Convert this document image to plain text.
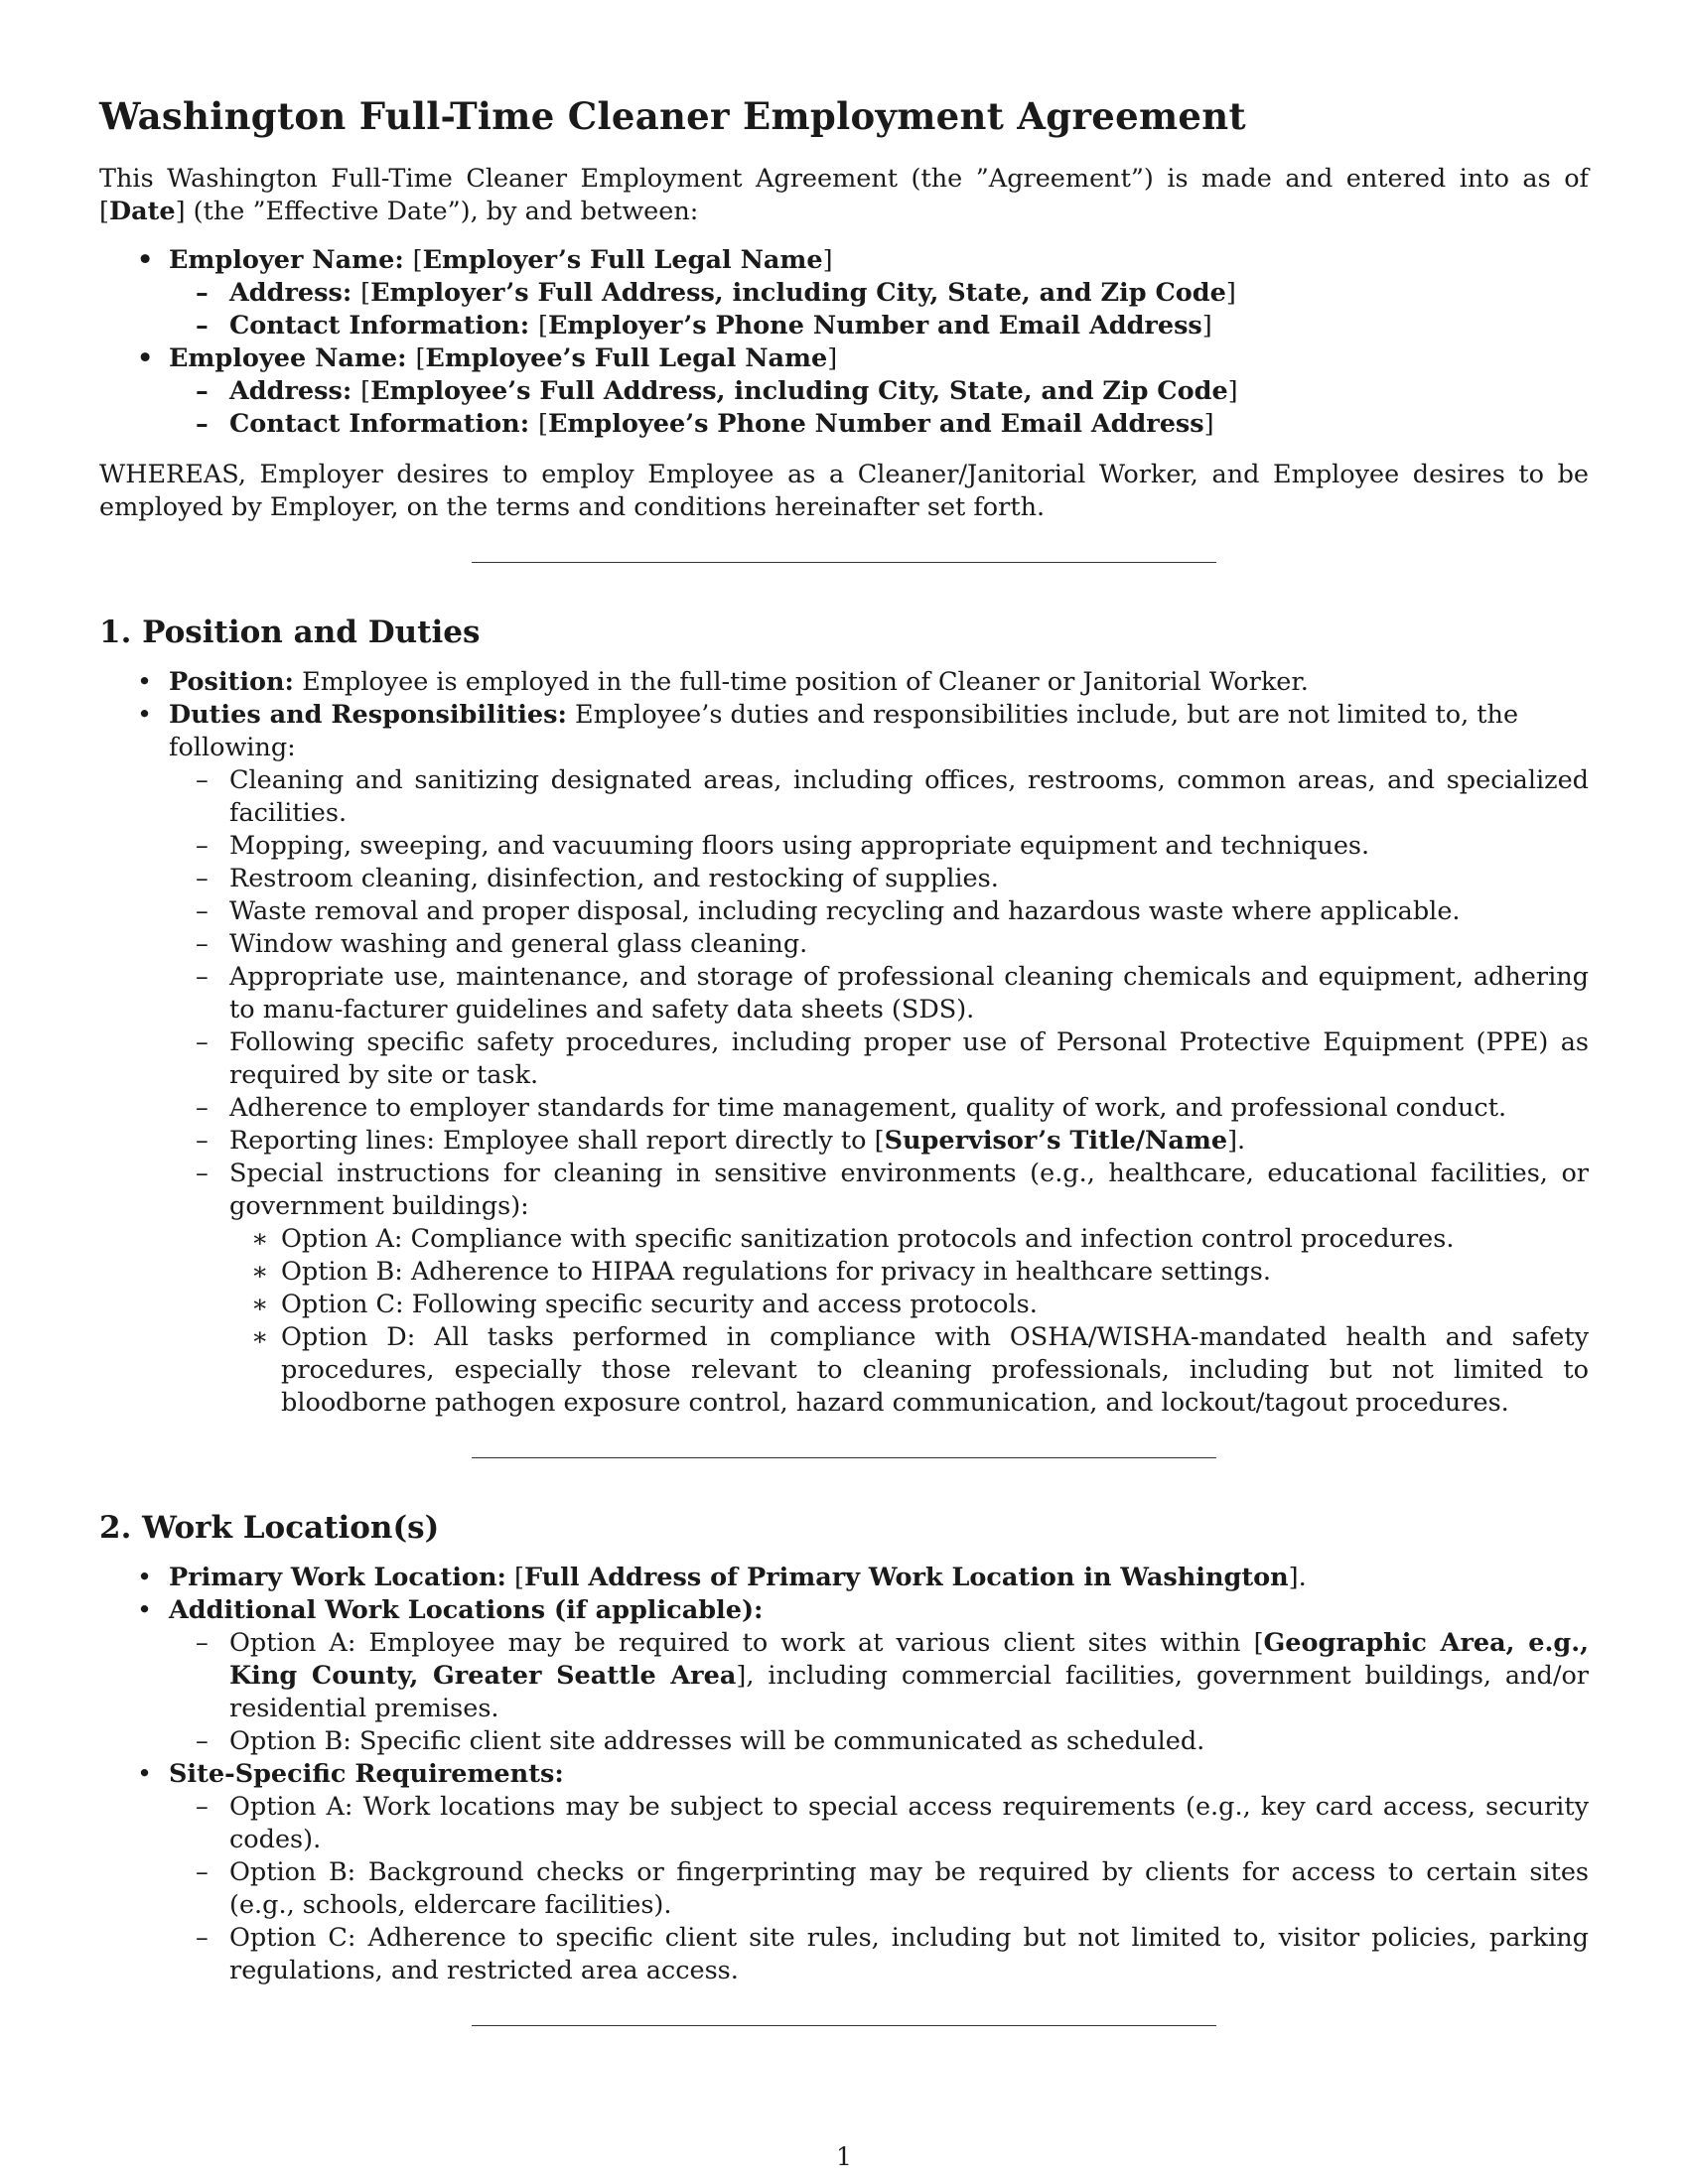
Washington Full-Time Cleaner Employment Agreement

This Washington Full-Time Cleaner Employment Agreement (the ”Agreement”) is made and entered into as of [Date] (the ”Effective Date”), by and between:

• Employer Name: [Employer’s Full Legal Name]
– Address: [Employer’s Full Address, including City, State, and Zip Code]
– Contact Information: [Employer’s Phone Number and Email Address]
• Employee Name: [Employee’s Full Legal Name]
– Address: [Employee’s Full Address, including City, State, and Zip Code]
– Contact Information: [Employee’s Phone Number and Email Address]

WHEREAS, Employer desires to employ Employee as a Cleaner/Janitorial Worker, and Employee desires to be employed by Employer, on the terms and conditions hereinafter set forth.

1. Position and Duties
• Position: Employee is employed in the full-time position of Cleaner or Janitorial Worker.
• Duties and Responsibilities: Employee’s duties and responsibilities include, but are not limited to, the following:
– Cleaning and sanitizing designated areas, including offices, restrooms, common areas, and specialized facilities.
– Mopping, sweeping, and vacuuming floors using appropriate equipment and techniques.
– Restroom cleaning, disinfection, and restocking of supplies.
– Waste removal and proper disposal, including recycling and hazardous waste where applicable.
– Window washing and general glass cleaning.
– Appropriate use, maintenance, and storage of professional cleaning chemicals and equipment, adhering to manu-facturer guidelines and safety data sheets (SDS).
– Following specific safety procedures, including proper use of Personal Protective Equipment (PPE) as required by site or task.
– Adherence to employer standards for time management, quality of work, and professional conduct.
– Reporting lines: Employee shall report directly to [Supervisor’s Title/Name].
– Special instructions for cleaning in sensitive environments (e.g., healthcare, educational facilities, or government buildings):
∗ Option A: Compliance with specific sanitization protocols and infection control procedures.
∗ Option B: Adherence to HIPAA regulations for privacy in healthcare settings.
∗ Option C: Following specific security and access protocols.
∗ Option D: All tasks performed in compliance with OSHA/WISHA-mandated health and safety procedures, especially those relevant to cleaning professionals, including but not limited to bloodborne pathogen exposure control, hazard communication, and lockout/tagout procedures.
2. Work Location(s)
• Primary Work Location: [Full Address of Primary Work Location in Washington].
• Additional Work Locations (if applicable):
– Option A: Employee may be required to work at various client sites within [Geographic Area, e.g., King County, Greater Seattle Area], including commercial facilities, government buildings, and/or residential premises.
– Option B: Specific client site addresses will be communicated as scheduled.
• Site-Specific Requirements:
– Option A: Work locations may be subject to special access requirements (e.g., key card access, security codes).
– Option B: Background checks or fingerprinting may be required by clients for access to certain sites (e.g., schools, eldercare facilities).
– Option C: Adherence to specific client site rules, including but not limited to, visitor policies, parking regulations, and restricted area access.
1
